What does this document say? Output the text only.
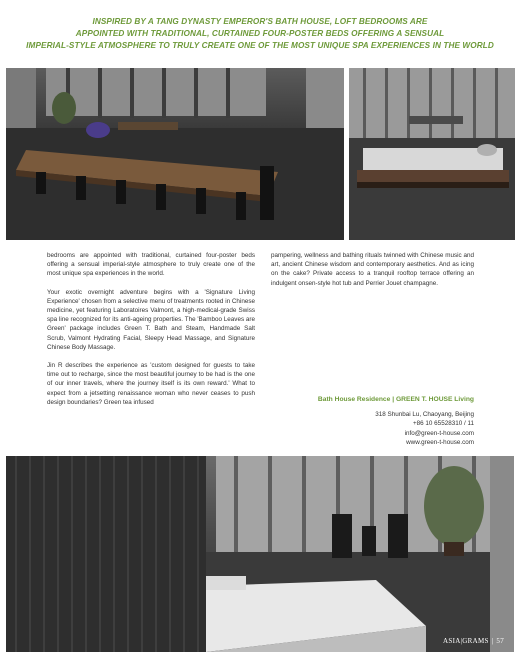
INSPIRED BY A TANG DYNASTY EMPEROR'S BATH HOUSE, LOFT BEDROOMS ARE
APPOINTED WITH TRADITIONAL, CURTAINED FOUR-POSTER BEDS OFFERING A SENSUAL
IMPERIAL-STYLE ATMOSPHERE TO TRULY CREATE ONE OF THE MOST UNIQUE SPA EXPERIENCES IN THE WORLD

bedrooms are appointed with traditional, curtained four-poster beds offering a sensual imperial-style atmosphere to truly create one of the most unique spa experiences in the world.

Your exotic overnight adventure begins with a 'Signature Living Experience' chosen from a selective menu of treatments rooted in Chinese medicine, yet featuring Laboratoires Valmont, a high-medical-grade Swiss spa line recognized for its anti-ageing properties. The 'Bamboo Leaves are Green' package includes Green T. Bath and Steam, Handmade Salt Scrub, Valmont Hydrating Facial, Sleepy Head Massage, and Signature Chinese Body Massage.

Jin R describes the experience as 'custom designed for guests to take time out to recharge, since the most beautiful journey to be had is the one of our inner travels, where the journey itself is its own reward.' What to expect from a jetsetting renaissance woman who never ceases to push design boundaries? Green tea infused

pampering, wellness and bathing rituals twinned with Chinese music and art, ancient Chinese wisdom and contemporary aesthetics. And as icing on the cake? Private access to a tranquil rooftop terrace offering an indulgent onsen-style hot tub and Perrier Jouet champagne.

Bath House Residence | GREEN T. HOUSE Living
318 Shunbai Lu, Chaoyang, Beijing
+86 10 65528310 / 11
info@green-t-house.com
www.green-t-house.com
ASIA|GRAMS | 57
